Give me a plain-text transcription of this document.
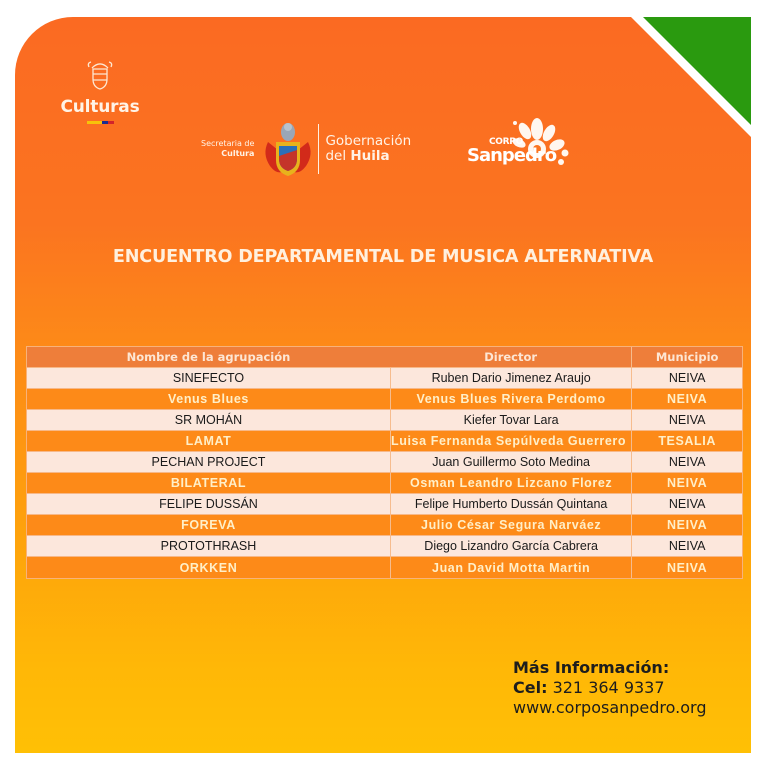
Culturas
Secretaria de
Cultura
Gobernación
del Huila
CORPO
Sanpedro
ENCUENTRO DEPARTAMENTAL DE MUSICA ALTERNATIVA
Nombre de la agrupación	Director	Municipio
SINEFECTO	Ruben Dario Jimenez Araujo	NEIVA
Venus Blues	Venus Blues Rivera Perdomo	NEIVA
SR MOHÁN	Kiefer Tovar Lara	NEIVA
LAMAT	Luisa Fernanda Sepúlveda Guerrero	TESALIA
PECHAN PROJECT	Juan Guillermo Soto Medina	NEIVA
BILATERAL	Osman Leandro Lizcano Florez	NEIVA
FELIPE DUSSÁN	Felipe Humberto Dussán Quintana	NEIVA
FOREVA	Julio César Segura Narváez	NEIVA
PROTOTHRASH	Diego Lizandro García Cabrera	NEIVA
ORKKEN	Juan David Motta Martin	NEIVA
Más Información:
Cel: 321 364 9337
www.corposanpedro.org
